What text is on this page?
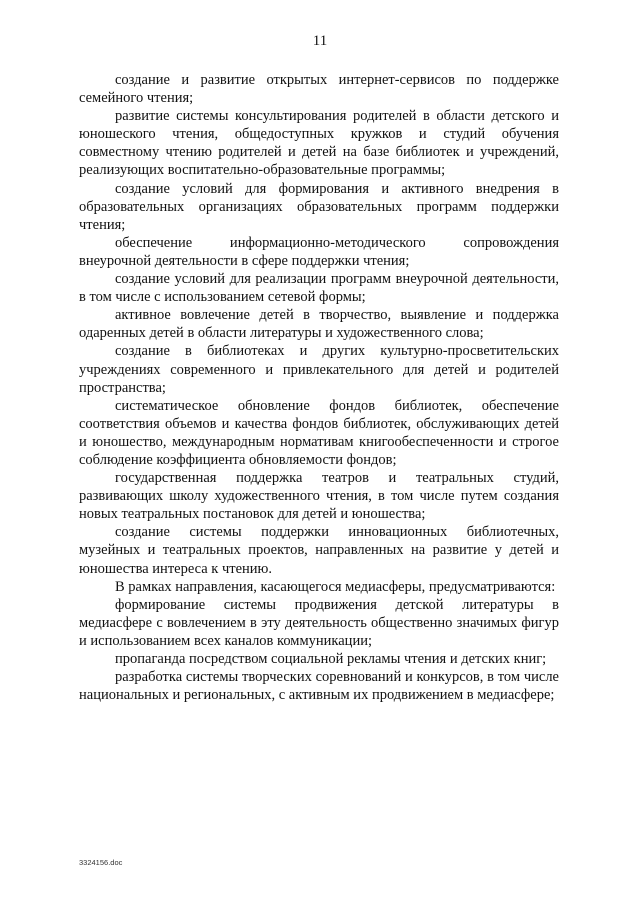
11

создание и развитие открытых интернет-сервисов по поддержке семейного чтения;

развитие системы консультирования родителей в области детского и юношеского чтения, общедоступных кружков и студий обучения совместному чтению родителей и детей на базе библиотек и учреждений, реализующих воспитательно-образовательные программы;

создание условий для формирования и активного внедрения в образовательных организациях образовательных программ поддержки чтения;

обеспечение информационно-методического сопровождения внеурочной деятельности в сфере поддержки чтения;

создание условий для реализации программ внеурочной деятельности, в том числе с использованием сетевой формы;

активное вовлечение детей в творчество, выявление и поддержка одаренных детей в области литературы и художественного слова;

создание в библиотеках и других культурно-просветительских учреждениях современного и привлекательного для детей и родителей пространства;

систематическое обновление фондов библиотек, обеспечение соответствия объемов и качества фондов библиотек, обслуживающих детей и юношество, международным нормативам книгообеспеченности и строгое соблюдение коэффициента обновляемости фондов;

государственная поддержка театров и театральных студий, развивающих школу художественного чтения, в том числе путем создания новых театральных постановок для детей и юношества;

создание системы поддержки инновационных библиотечных, музейных и театральных проектов, направленных на развитие у детей и юношества интереса к чтению.

В рамках направления, касающегося медиасферы, предусматриваются:

формирование системы продвижения детской литературы в медиасфере с вовлечением в эту деятельность общественно значимых фигур и использованием всех каналов коммуникации;

пропаганда посредством социальной рекламы чтения и детских книг;

разработка системы творческих соревнований и конкурсов, в том числе национальных и региональных, с активным их продвижением в медиасфере;

3324156.doc
